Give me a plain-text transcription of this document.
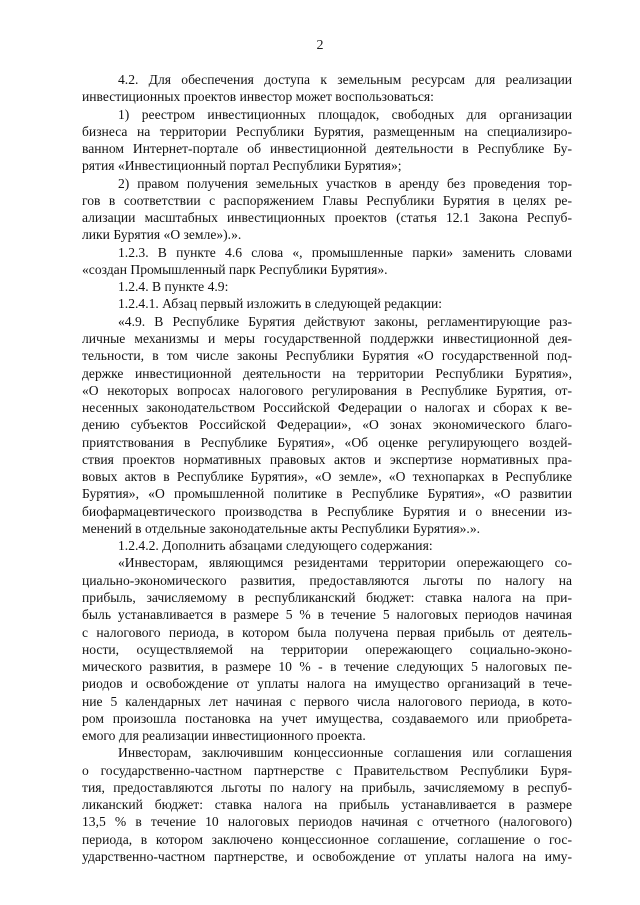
2
4.2. Для обеспечения доступа к земельным ресурсам для реализации
инвестиционных проектов инвестор может воспользоваться:
1) реестром инвестиционных площадок, свободных для организации
бизнеса на территории Республики Бурятия, размещенным на специализиро-
ванном Интернет-портале об инвестиционной деятельности в Республике Бу-
рятия «Инвестиционный портал Республики Бурятия»;
2) правом получения земельных участков в аренду без проведения тор-
гов в соответствии с распоряжением Главы Республики Бурятия в целях ре-
ализации масштабных инвестиционных проектов (статья 12.1 Закона Респуб-
лики Бурятия «О земле»).».
1.2.3. В пункте 4.6 слова «, промышленные парки» заменить словами
«создан Промышленный парк Республики Бурятия».
1.2.4. В пункте 4.9:
1.2.4.1. Абзац первый изложить в следующей редакции:
«4.9. В Республике Бурятия действуют законы, регламентирующие раз-
личные механизмы и меры государственной поддержки инвестиционной дея-
тельности, в том числе законы Республики Бурятия «О государственной под-
держке инвестиционной деятельности на территории Республики Бурятия»,
«О некоторых вопросах налогового регулирования в Республике Бурятия, от-
несенных законодательством Российской Федерации о налогах и сборах к ве-
дению субъектов Российской Федерации», «О зонах экономического благо-
приятствования в Республике Бурятия», «Об оценке регулирующего воздей-
ствия проектов нормативных правовых актов и экспертизе нормативных пра-
вовых актов в Республике Бурятия», «О земле», «О технопарках в Республике
Бурятия», «О промышленной политике в Республике Бурятия», «О развитии
биофармацевтического производства в Республике Бурятия и о внесении из-
менений в отдельные законодательные акты Республики Бурятия».».
1.2.4.2. Дополнить абзацами следующего содержания:
«Инвесторам, являющимся резидентами территории опережающего со-
циально-экономического развития, предоставляются льготы по налогу на
прибыль, зачисляемому в республиканский бюджет: ставка налога на при-
быль устанавливается в размере 5 % в течение 5 налоговых периодов начиная
с налогового периода, в котором была получена первая прибыль от деятель-
ности, осуществляемой на территории опережающего социально-эконо-
мического развития, в размере 10 % - в течение следующих 5 налоговых пе-
риодов и освобождение от уплаты налога на имущество организаций в тече-
ние 5 календарных лет начиная с первого числа налогового периода, в кото-
ром произошла постановка на учет имущества, создаваемого или приобрета-
емого для реализации инвестиционного проекта.
Инвесторам, заключившим концессионные соглашения или соглашения
о государственно-частном партнерстве с Правительством Республики Буря-
тия, предоставляются льготы по налогу на прибыль, зачисляемому в респуб-
ликанский бюджет: ставка налога на прибыль устанавливается в размере
13,5 % в течение 10 налоговых периодов начиная с отчетного (налогового)
периода, в котором заключено концессионное соглашение, соглашение о гос-
ударственно-частном партнерстве, и освобождение от уплаты налога на иму-
